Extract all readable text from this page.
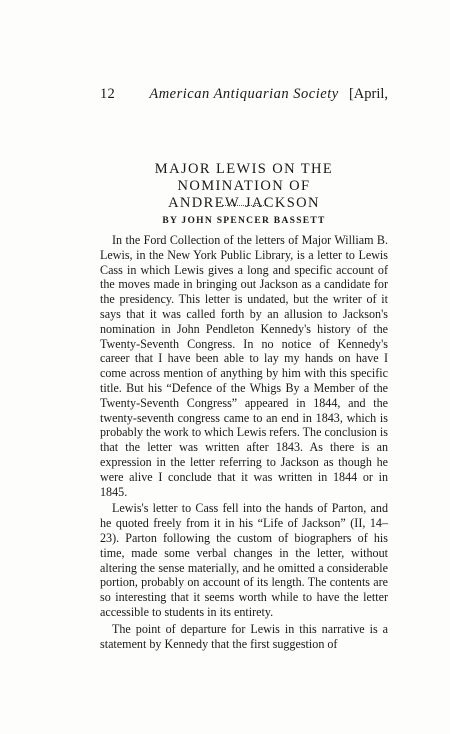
12	American Antiquarian Society [April,
MAJOR LEWIS ON THE NOMINATION OF
ANDREW JACKSON
BY JOHN SPENCER BASSETT

In the Ford Collection of the letters of Major William B. Lewis, in the New York Public Library, is a letter to Lewis Cass in which Lewis gives a long and specific account of the moves made in bringing out Jackson as a candidate for the presidency. This letter is undated, but the writer of it says that it was called forth by an allusion to Jackson's nomination in John Pendleton Kennedy's history of the Twenty-Seventh Congress. In no notice of Kennedy's career that I have been able to lay my hands on have I come across mention of anything by him with this specific title. But his “Defence of the Whigs By a Member of the Twenty-Seventh Congress” appeared in 1844, and the twenty-seventh congress came to an end in 1843, which is probably the work to which Lewis refers. The conclusion is that the letter was written after 1843. As there is an expression in the letter referring to Jackson as though he were alive I conclude that it was written in 1844 or in 1845.

Lewis's letter to Cass fell into the hands of Parton, and he quoted freely from it in his “Life of Jackson” (II, 14–23). Parton following the custom of biographers of his time, made some verbal changes in the letter, without altering the sense materially, and he omitted a considerable portion, probably on account of its length. The contents are so interesting that it seems worth while to have the letter accessible to students in its entirety.

The point of departure for Lewis in this narrative is a statement by Kennedy that the first suggestion of
